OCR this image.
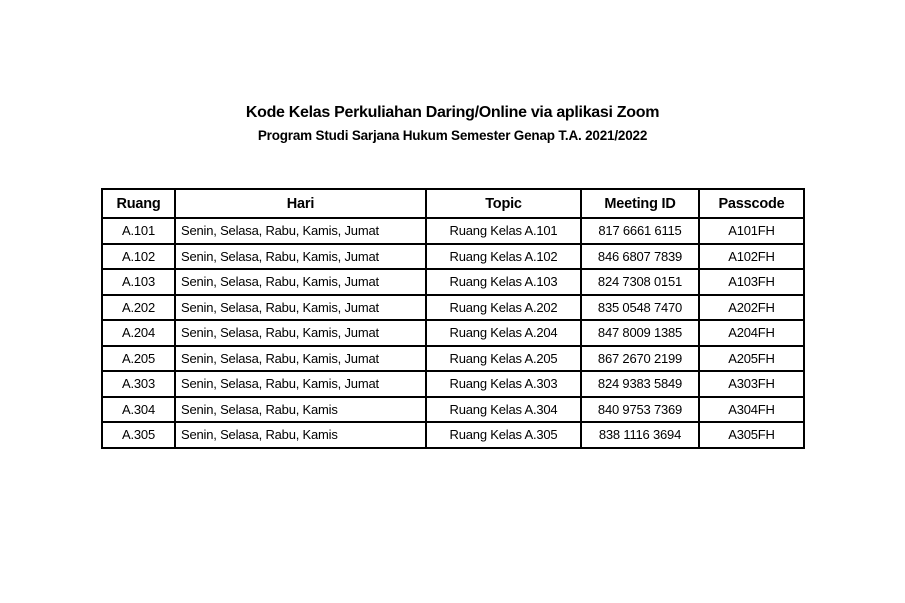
Kode Kelas Perkuliahan Daring/Online via aplikasi Zoom
Program Studi Sarjana Hukum Semester Genap T.A. 2021/2022
Ruang	Hari	Topic	Meeting ID	Passcode
A.101	Senin, Selasa, Rabu, Kamis, Jumat	Ruang Kelas A.101	817 6661 6115	A101FH
A.102	Senin, Selasa, Rabu, Kamis, Jumat	Ruang Kelas A.102	846 6807 7839	A102FH
A.103	Senin, Selasa, Rabu, Kamis, Jumat	Ruang Kelas A.103	824 7308 0151	A103FH
A.202	Senin, Selasa, Rabu, Kamis, Jumat	Ruang Kelas A.202	835 0548 7470	A202FH
A.204	Senin, Selasa, Rabu, Kamis, Jumat	Ruang Kelas A.204	847 8009 1385	A204FH
A.205	Senin, Selasa, Rabu, Kamis, Jumat	Ruang Kelas A.205	867 2670 2199	A205FH
A.303	Senin, Selasa, Rabu, Kamis, Jumat	Ruang Kelas A.303	824 9383 5849	A303FH
A.304	Senin, Selasa, Rabu, Kamis	Ruang Kelas A.304	840 9753 7369	A304FH
A.305	Senin, Selasa, Rabu, Kamis	Ruang Kelas A.305	838 1116 3694	A305FH
